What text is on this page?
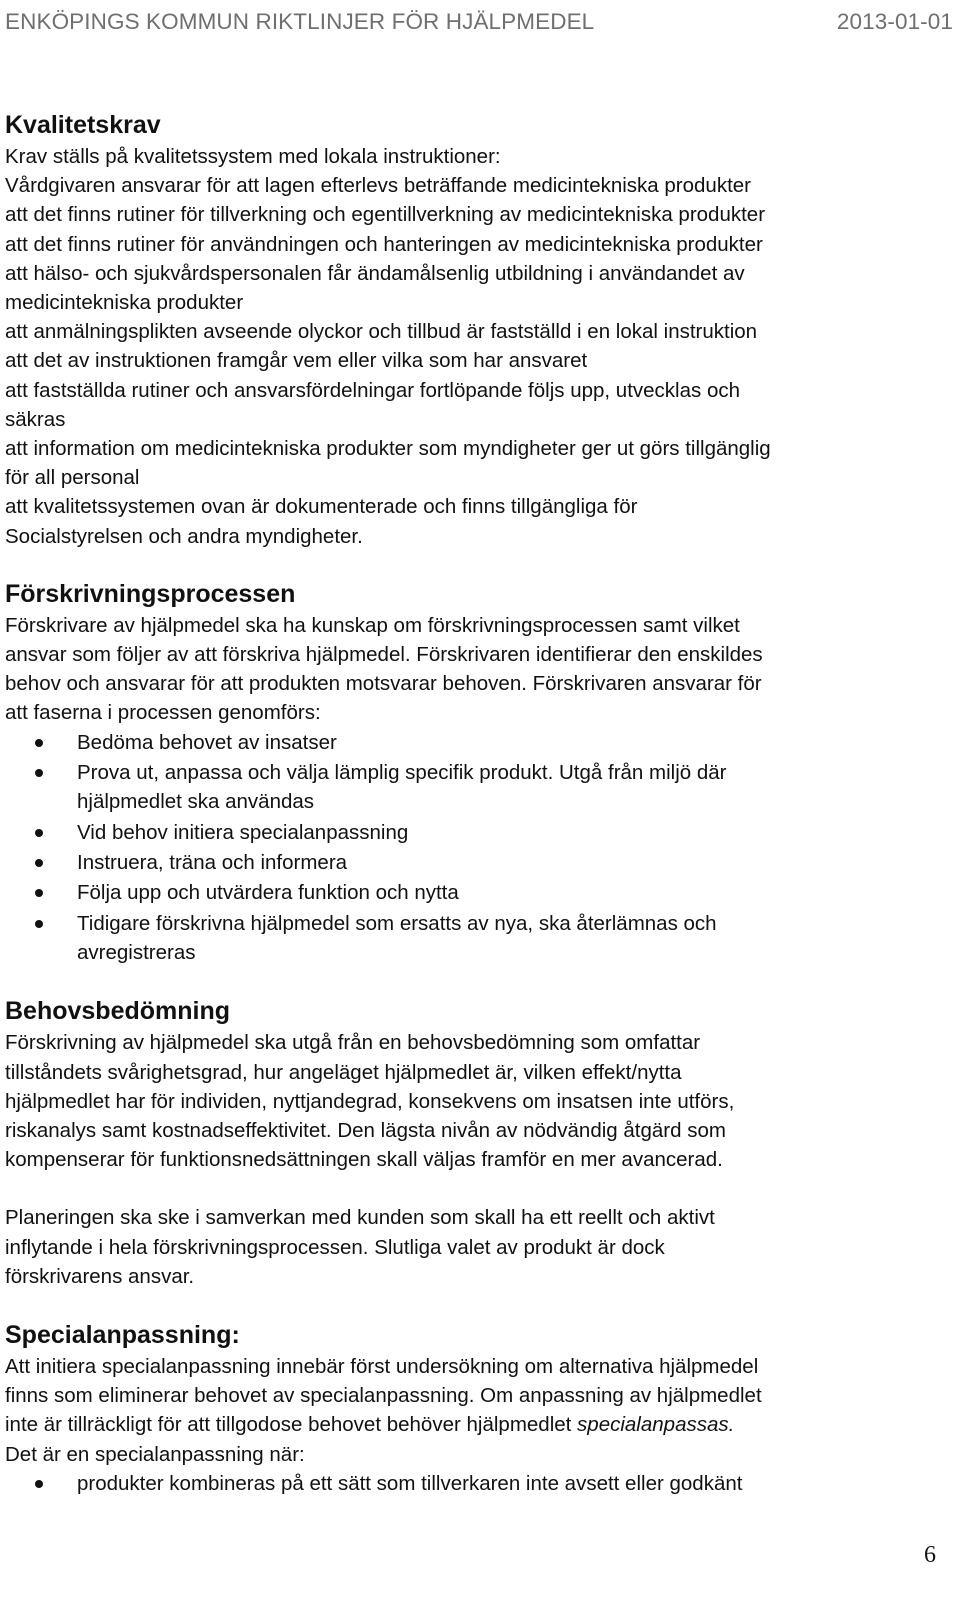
ENKÖPINGS KOMMUN RIKTLINJER FÖR HJÄLPMEDEL	2013-01-01
Kvalitetskrav

Krav ställs på kvalitetssystem med lokala instruktioner:

Vårdgivaren ansvarar för att lagen efterlevs beträffande medicintekniska produkter

att det finns rutiner för tillverkning och egentillverkning av medicintekniska produkter

att det finns rutiner för användningen och hanteringen av medicintekniska produkter

att hälso- och sjukvårdspersonalen får ändamålsenlig utbildning i användandet av

medicintekniska produkter

att anmälningsplikten avseende olyckor och tillbud är fastställd i en lokal instruktion

att det av instruktionen framgår vem eller vilka som har ansvaret

att fastställda rutiner och ansvarsfördelningar fortlöpande följs upp, utvecklas och

säkras

att information om medicintekniska produkter som myndigheter ger ut görs tillgänglig

för all personal

att kvalitetssystemen ovan är dokumenterade och finns tillgängliga för

Socialstyrelsen och andra myndigheter.

Förskrivningsprocessen

Förskrivare av hjälpmedel ska ha kunskap om förskrivningsprocessen samt vilket

ansvar som följer av att förskriva hjälpmedel. Förskrivaren identifierar den enskildes

behov och ansvarar för att produkten motsvarar behoven. Förskrivaren ansvarar för

att faserna i processen genomförs:

Bedöma behovet av insatser
Prova ut, anpassa och välja lämplig specifik produkt. Utgå från miljö där
hjälpmedlet ska användas
Vid behov initiera specialanpassning
Instruera, träna och informera
Följa upp och utvärdera funktion och nytta
Tidigare förskrivna hjälpmedel som ersatts av nya, ska återlämnas och
avregistreras
Behovsbedömning

Förskrivning av hjälpmedel ska utgå från en behovsbedömning som omfattar

tillståndets svårighetsgrad, hur angeläget hjälpmedlet är, vilken effekt/nytta

hjälpmedlet har för individen, nyttjandegrad, konsekvens om insatsen inte utförs,

riskanalys samt kostnadseffektivitet. Den lägsta nivån av nödvändig åtgärd som

kompenserar för funktionsnedsättningen skall väljas framför en mer avancerad.

Planeringen ska ske i samverkan med kunden som skall ha ett reellt och aktivt

inflytande i hela förskrivningsprocessen. Slutliga valet av produkt är dock

förskrivarens ansvar.

Specialanpassning:

Att initiera specialanpassning innebär först undersökning om alternativa hjälpmedel

finns som eliminerar behovet av specialanpassning. Om anpassning av hjälpmedlet

inte är tillräckligt för att tillgodose behovet behöver hjälpmedlet specialanpassas.

Det är en specialanpassning när:

produkter kombineras på ett sätt som tillverkaren inte avsett eller godkänt
6
